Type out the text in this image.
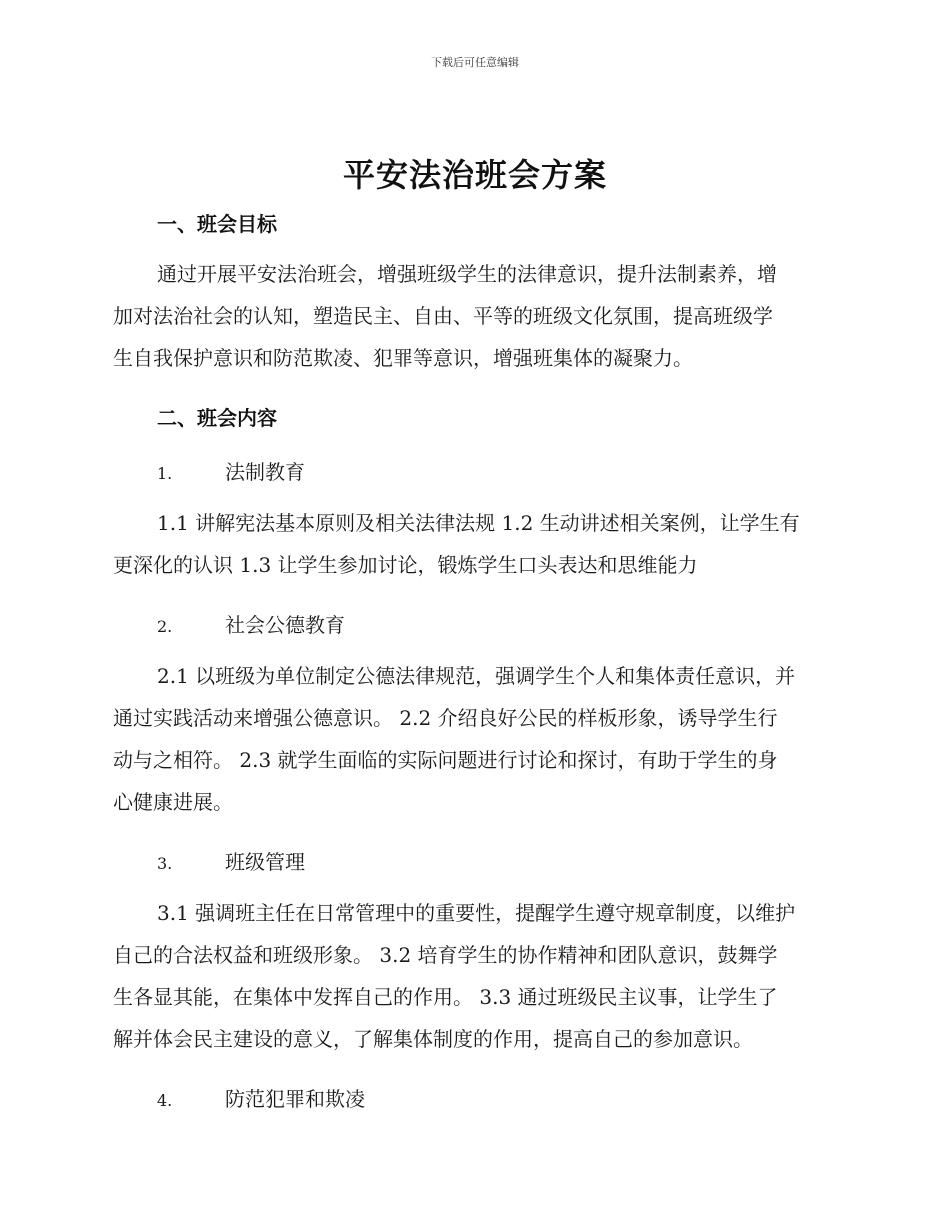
下载后可任意编辑
平安法治班会方案
一、班会目标
通过开展平安法治班会，增强班级学生的法律意识，提升法制素养，增
加对法治社会的认知，塑造民主、自由、平等的班级文化氛围，提高班级学
生自我保护意识和防范欺凌、犯罪等意识，增强班集体的凝聚力。
二、班会内容
1.	法制教育
1.1 讲解宪法基本原则及相关法律法规 1.2 生动讲述相关案例，让学生有
更深化的认识 1.3 让学生参加讨论，锻炼学生口头表达和思维能力
2.	社会公德教育
2.1 以班级为单位制定公德法律规范，强调学生个人和集体责任意识，并
通过实践活动来增强公德意识。 2.2 介绍良好公民的样板形象，诱导学生行
动与之相符。 2.3 就学生面临的实际问题进行讨论和探讨，有助于学生的身
心健康进展。
3.	班级管理
3.1 强调班主任在日常管理中的重要性，提醒学生遵守规章制度，以维护
自己的合法权益和班级形象。 3.2 培育学生的协作精神和团队意识，鼓舞学
生各显其能，在集体中发挥自己的作用。 3.3 通过班级民主议事，让学生了
解并体会民主建设的意义，了解集体制度的作用，提高自己的参加意识。
4.	防范犯罪和欺凌
